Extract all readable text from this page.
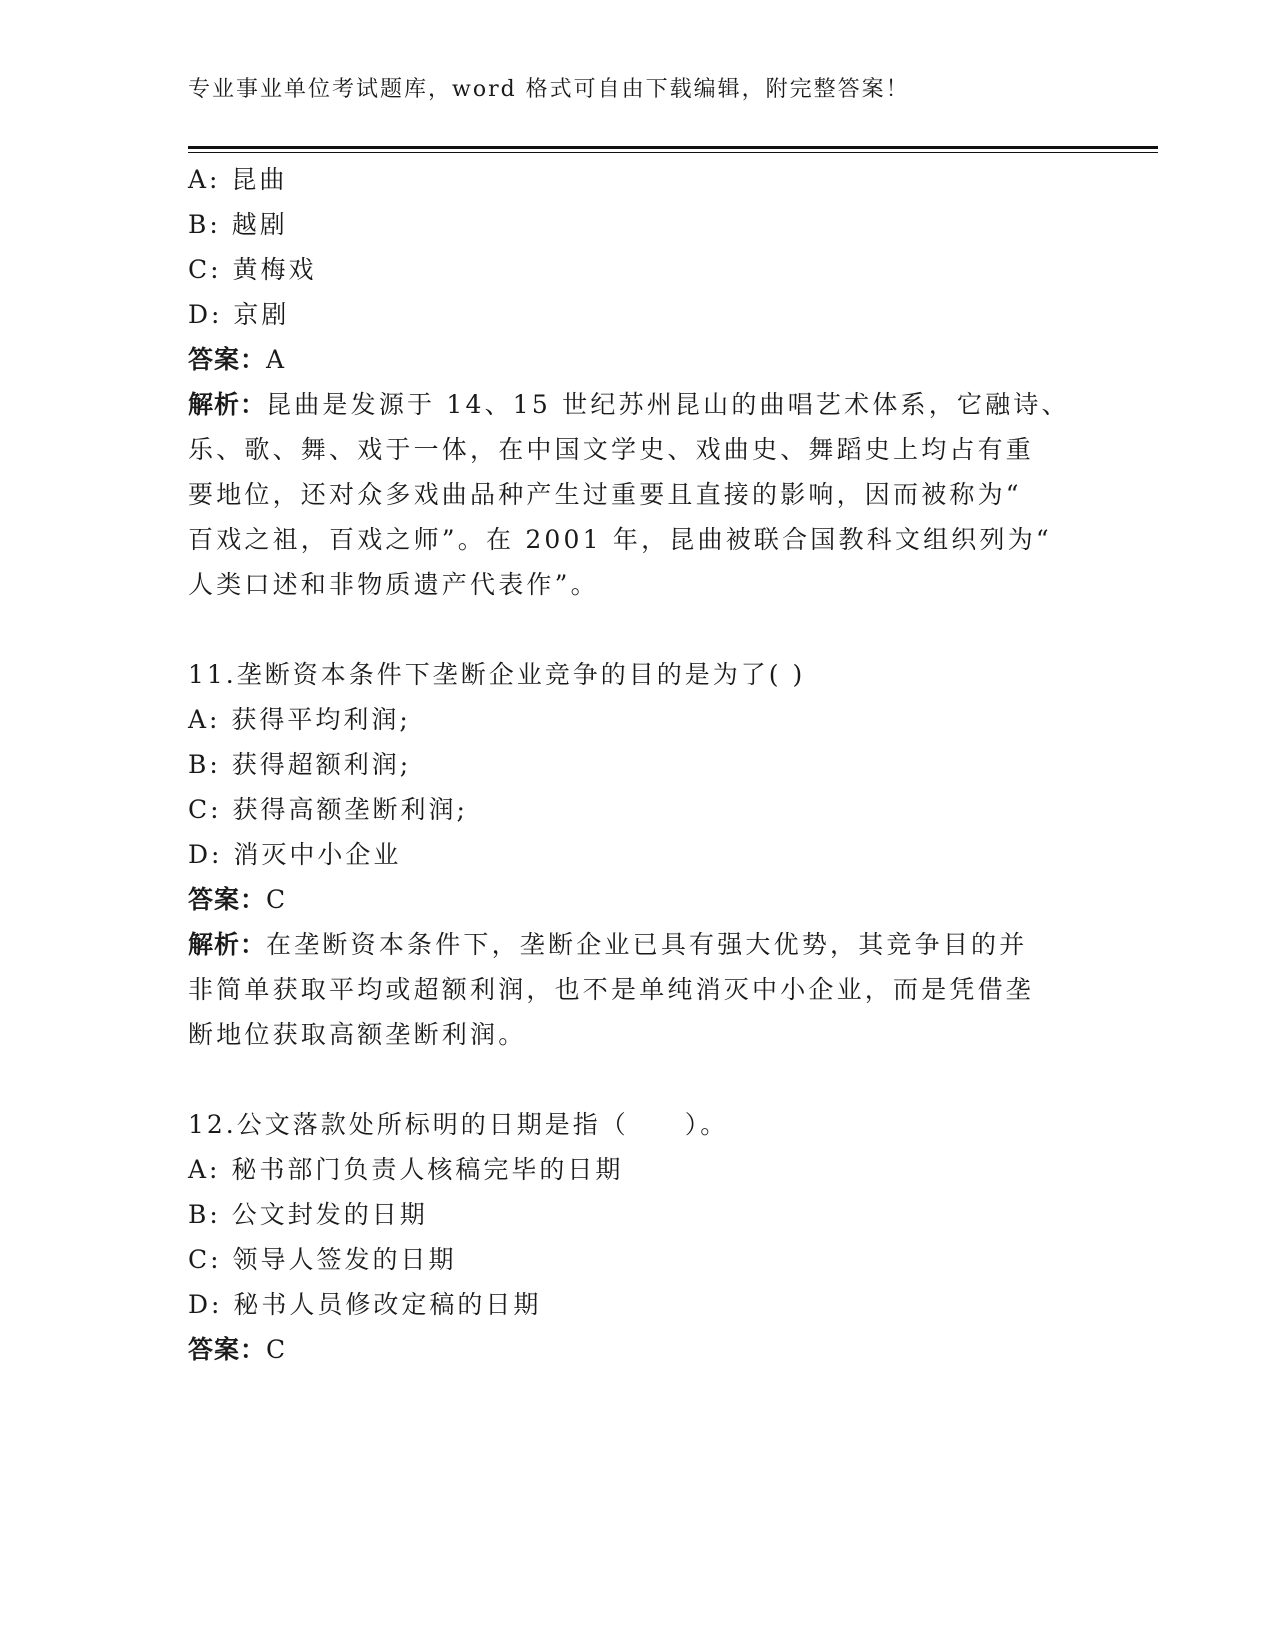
专业事业单位考试题库，word 格式可自由下载编辑，附完整答案！
A: 昆曲
B: 越剧
C: 黄梅戏
D: 京剧
答案：A
解析：昆曲是发源于 14、15 世纪苏州昆山的曲唱艺术体系，它融诗、
乐、歌、舞、戏于一体，在中国文学史、戏曲史、舞蹈史上均占有重
要地位，还对众多戏曲品种产生过重要且直接的影响，因而被称为“
百戏之祖，百戏之师”。在 2001 年，昆曲被联合国教科文组织列为“
人类口述和非物质遗产代表作”。
11.垄断资本条件下垄断企业竞争的目的是为了( )
A: 获得平均利润;
B: 获得超额利润;
C: 获得高额垄断利润;
D: 消灭中小企业
答案：C
解析：在垄断资本条件下，垄断企业已具有强大优势，其竞争目的并
非简单获取平均或超额利润，也不是单纯消灭中小企业，而是凭借垄
断地位获取高额垄断利润。
12.公文落款处所标明的日期是指（　　）。
A: 秘书部门负责人核稿完毕的日期
B: 公文封发的日期
C: 领导人签发的日期
D: 秘书人员修改定稿的日期
答案：C
